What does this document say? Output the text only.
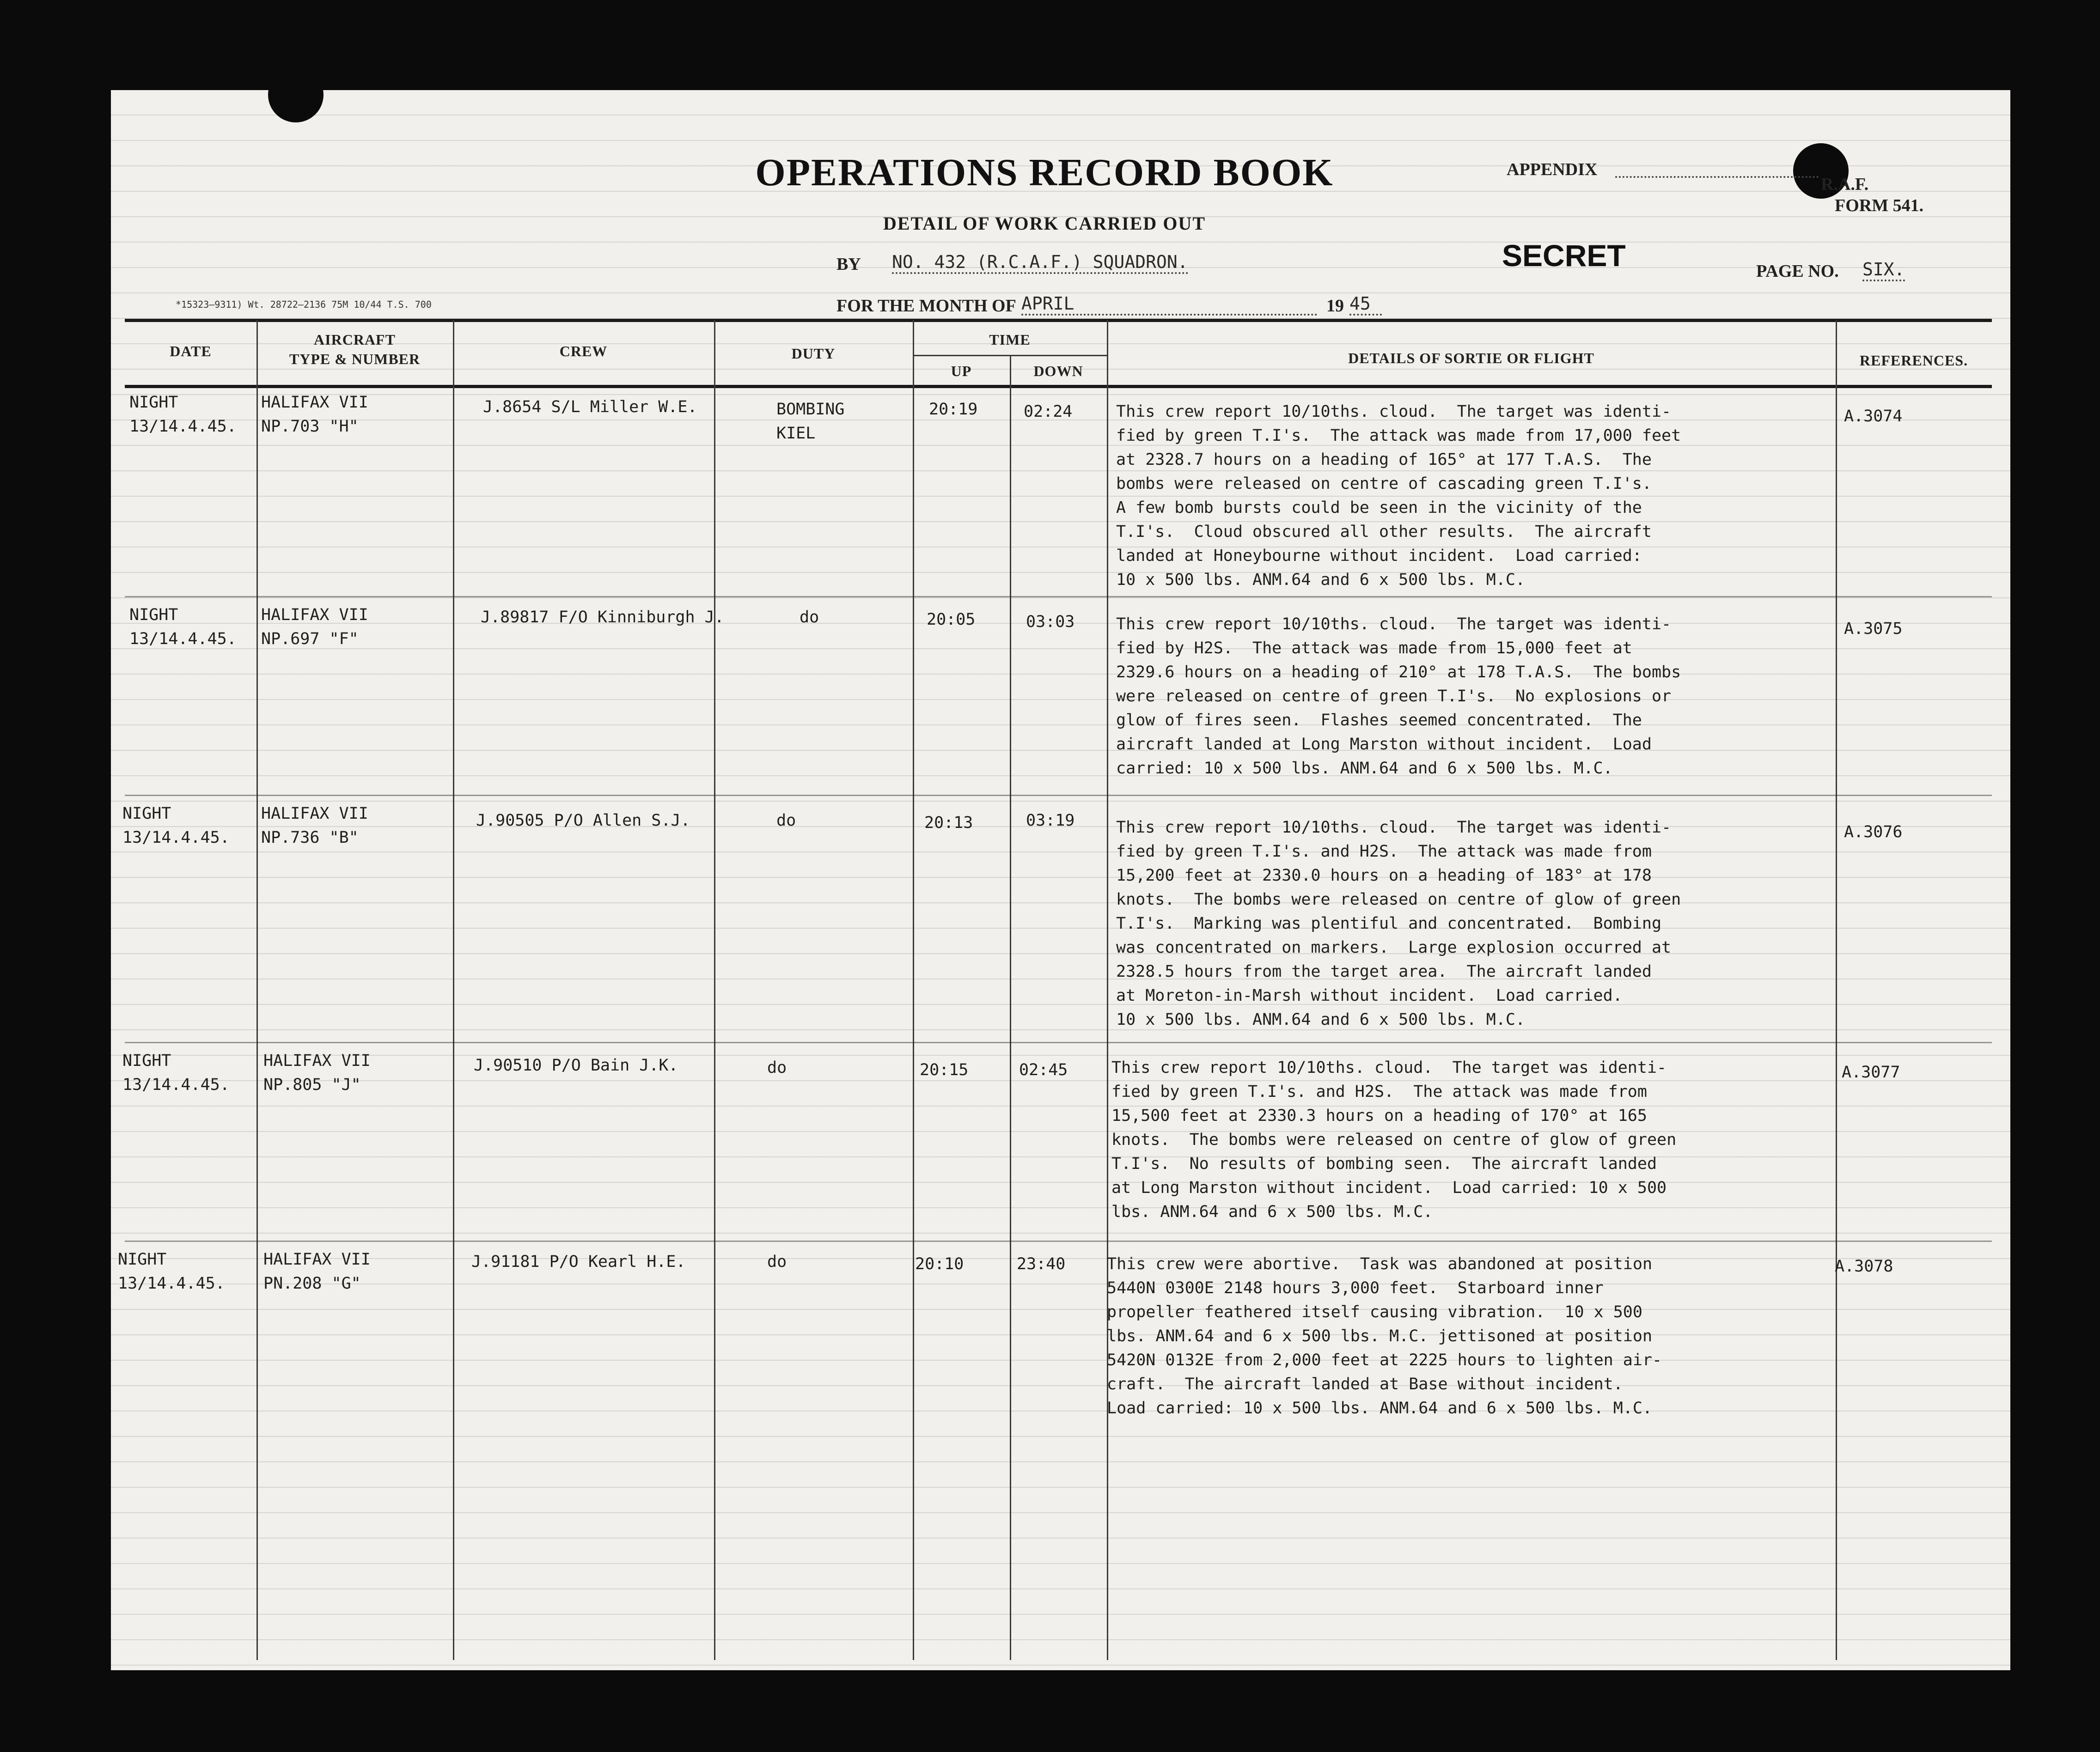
OPERATIONS RECORD BOOK
DETAIL OF WORK CARRIED OUT
APPENDIX
R.A.F.
FORM 541.
BY NO. 432 (R.C.A.F.) SQUADRON.	SECRET	PAGE NO. SIX.
*15323—9311) Wt. 28722—2136 75M 10/44 T.S. 700	FOR THE MONTH OF APRIL	19 45
DATE
AIRCRAFT
TYPE & NUMBER	CREW	DUTY
TIME
UP	DOWN
DETAILS OF SORTIE OR FLIGHT	REFERENCES.
NIGHT
13/14.4.45.
HALIFAX VII
NP.703 "H"
J.8654 S/L Miller W.E.	BOMBING
KIEL
20:19	02:24	This crew report 10/10ths. cloud.  The target was identi-
fied by green T.I's.  The attack was made from 17,000 feet
at 2328.7 hours on a heading of 165° at 177 T.A.S.  The
bombs were released on centre of cascading green T.I's.
A few bomb bursts could be seen in the vicinity of the
T.I's.  Cloud obscured all other results.  The aircraft
landed at Honeybourne without incident.  Load carried:
10 x 500 lbs. ANM.64 and 6 x 500 lbs. M.C.
A.3074
NIGHT
13/14.4.45.
HALIFAX VII
NP.697 "F"
J.89817 F/O Kinniburgh J.	do	20:05	03:03	This crew report 10/10ths. cloud.  The target was identi-
fied by H2S.  The attack was made from 15,000 feet at
2329.6 hours on a heading of 210° at 178 T.A.S.  The bombs
were released on centre of green T.I's.  No explosions or
glow of fires seen.  Flashes seemed concentrated.  The
aircraft landed at Long Marston without incident.  Load
carried: 10 x 500 lbs. ANM.64 and 6 x 500 lbs. M.C.
A.3075
NIGHT
13/14.4.45.
HALIFAX VII
NP.736 "B"
J.90505 P/O Allen S.J.	do	20:13	03:19	This crew report 10/10ths. cloud.  The target was identi-
fied by green T.I's. and H2S.  The attack was made from
15,200 feet at 2330.0 hours on a heading of 183° at 178
knots.  The bombs were released on centre of glow of green
T.I's.  Marking was plentiful and concentrated.  Bombing
was concentrated on markers.  Large explosion occurred at
2328.5 hours from the target area.  The aircraft landed
at Moreton-in-Marsh without incident.  Load carried.
10 x 500 lbs. ANM.64 and 6 x 500 lbs. M.C.
A.3076
NIGHT
13/14.4.45.
HALIFAX VII
NP.805 "J"
J.90510 P/O Bain J.K.	do	20:15	02:45	This crew report 10/10ths. cloud.  The target was identi-
fied by green T.I's. and H2S.  The attack was made from
15,500 feet at 2330.3 hours on a heading of 170° at 165
knots.  The bombs were released on centre of glow of green
T.I's.  No results of bombing seen.  The aircraft landed
at Long Marston without incident.  Load carried: 10 x 500
lbs. ANM.64 and 6 x 500 lbs. M.C.
A.3077
NIGHT
13/14.4.45.
HALIFAX VII
PN.208 "G"
J.91181 P/O Kearl H.E.	do	20:10	23:40	This crew were abortive.  Task was abandoned at position
5440N 0300E 2148 hours 3,000 feet.  Starboard inner
propeller feathered itself causing vibration.  10 x 500
lbs. ANM.64 and 6 x 500 lbs. M.C. jettisoned at position
5420N 0132E from 2,000 feet at 2225 hours to lighten air-
craft.  The aircraft landed at Base without incident.
Load carried: 10 x 500 lbs. ANM.64 and 6 x 500 lbs. M.C.
A.3078
